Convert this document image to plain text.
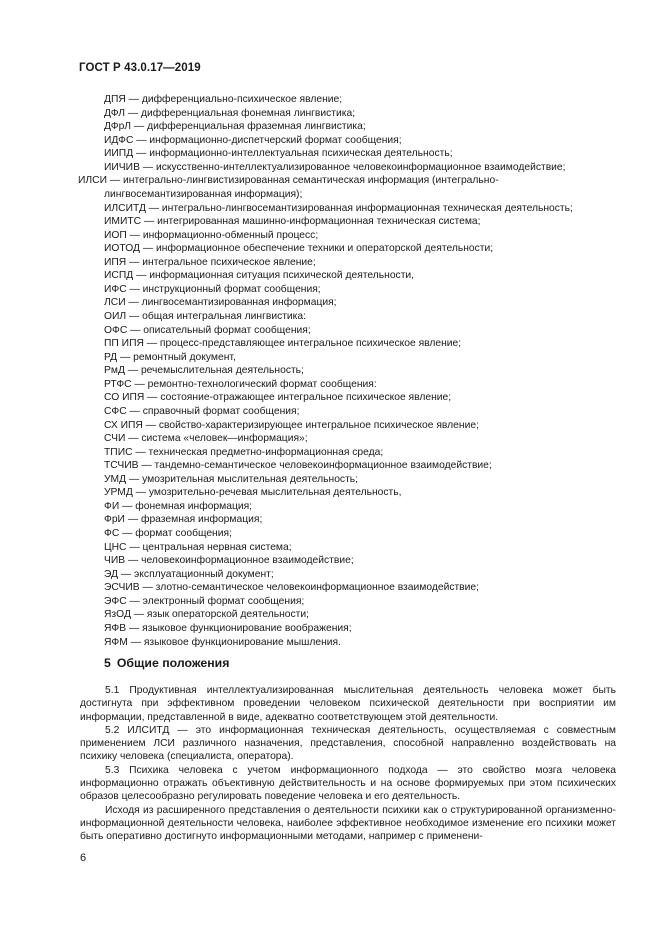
ГОСТ Р 43.0.17—2019
ДПЯ — дифференциально-психическое явление;
ДФЛ — дифференциальная фонемная лингвистика;
ДФрЛ — дифференциальная фраземная лингвистика;
ИДФС — информационно-диспетчерский формат сообщения;
ИИПД — информационно-интеллектуальная психическая деятельность;
ИИЧИВ — искусственно-интеллектуализированное человекоинформационное взаимодействие;
ИЛСИ — интегрально-лингвистизированная семантическая информация (интегрально-лингвосемантизированная информация);
ИЛСИТД — интегрально-лингвосемантизированная информационная техническая деятельность;
ИМИТС — интегрированная машинно-информационная техническая система;
ИОП — информационно-обменный процесс;
ИОТОД — информационное обеспечение техники и операторской деятельности;
ИПЯ — интегральное психическое явление;
ИСПД — информационная ситуация психической деятельности,
ИФС — инструкционный формат сообщения;
ЛСИ — лингвосемантизированная информация;
ОИЛ — общая интегральная лингвистика:
ОФС — описательный формат сообщения;
ПП ИПЯ — процесс-представляющее интегральное психическое явление;
РД — ремонтный документ,
РмД — речемыслительная деятельность;
РТФС — ремонтно-технологический формат сообщения:
СО ИПЯ — состояние-отражающее интегральное психическое явление;
СФС — справочный формат сообщения;
СХ ИПЯ — свойство-характеризирующее интегральное психическое явление;
СЧИ — система «человек—информация»;
ТПИС — техническая предметно-информационная среда;
ТСЧИВ — тандемно-семантическое человекоинформационное взаимодействие;
УМД — умозрительная мыслительная деятельность;
УРМД — умозрительно-речевая мыслительная деятельность,
ФИ — фонемная информация;
ФрИ — фраземная информация;
ФС — формат сообщения;
ЦНС — центральная нервная система;
ЧИВ — человекоинформационное взаимодействие;
ЭД — эксплуатационный документ;
ЭСЧИВ — злотно-семантическое человекоинформационное взаимодействие;
ЭФС — электронный формат сообщения;
ЯзОД — язык операторской деятельности;
ЯФВ — языковое функционирование воображения;
ЯФМ — языковое функционирование мышления.
5 Общие положения

5.1 Продуктивная интеллектуализированная мыслительная деятельность человека может быть достигнута при эффективном проведении человеком психической деятельности при восприятии им информации, представленной в виде, адекватно соответствующем этой деятельности.

5.2 ИЛСИТД — это информационная техническая деятельность, осуществляемая с совместным применением ЛСИ различного назначения, представления, способной направленно воздействовать на психику человека (специалиста, оператора).

5.3 Психика человека с учетом информационного подхода — это свойство мозга человека информационно отражать объективную действительность и на основе формируемых при этом психических образов целесообразно регулировать поведение человека и его деятельность.

Исходя из расширенного представления о деятельности психики как о структурированной организменно-информационной деятельности человека, наиболее эффективное необходимое изменение его психики может быть оперативно достигнуто информационными методами, например с применени-

6
